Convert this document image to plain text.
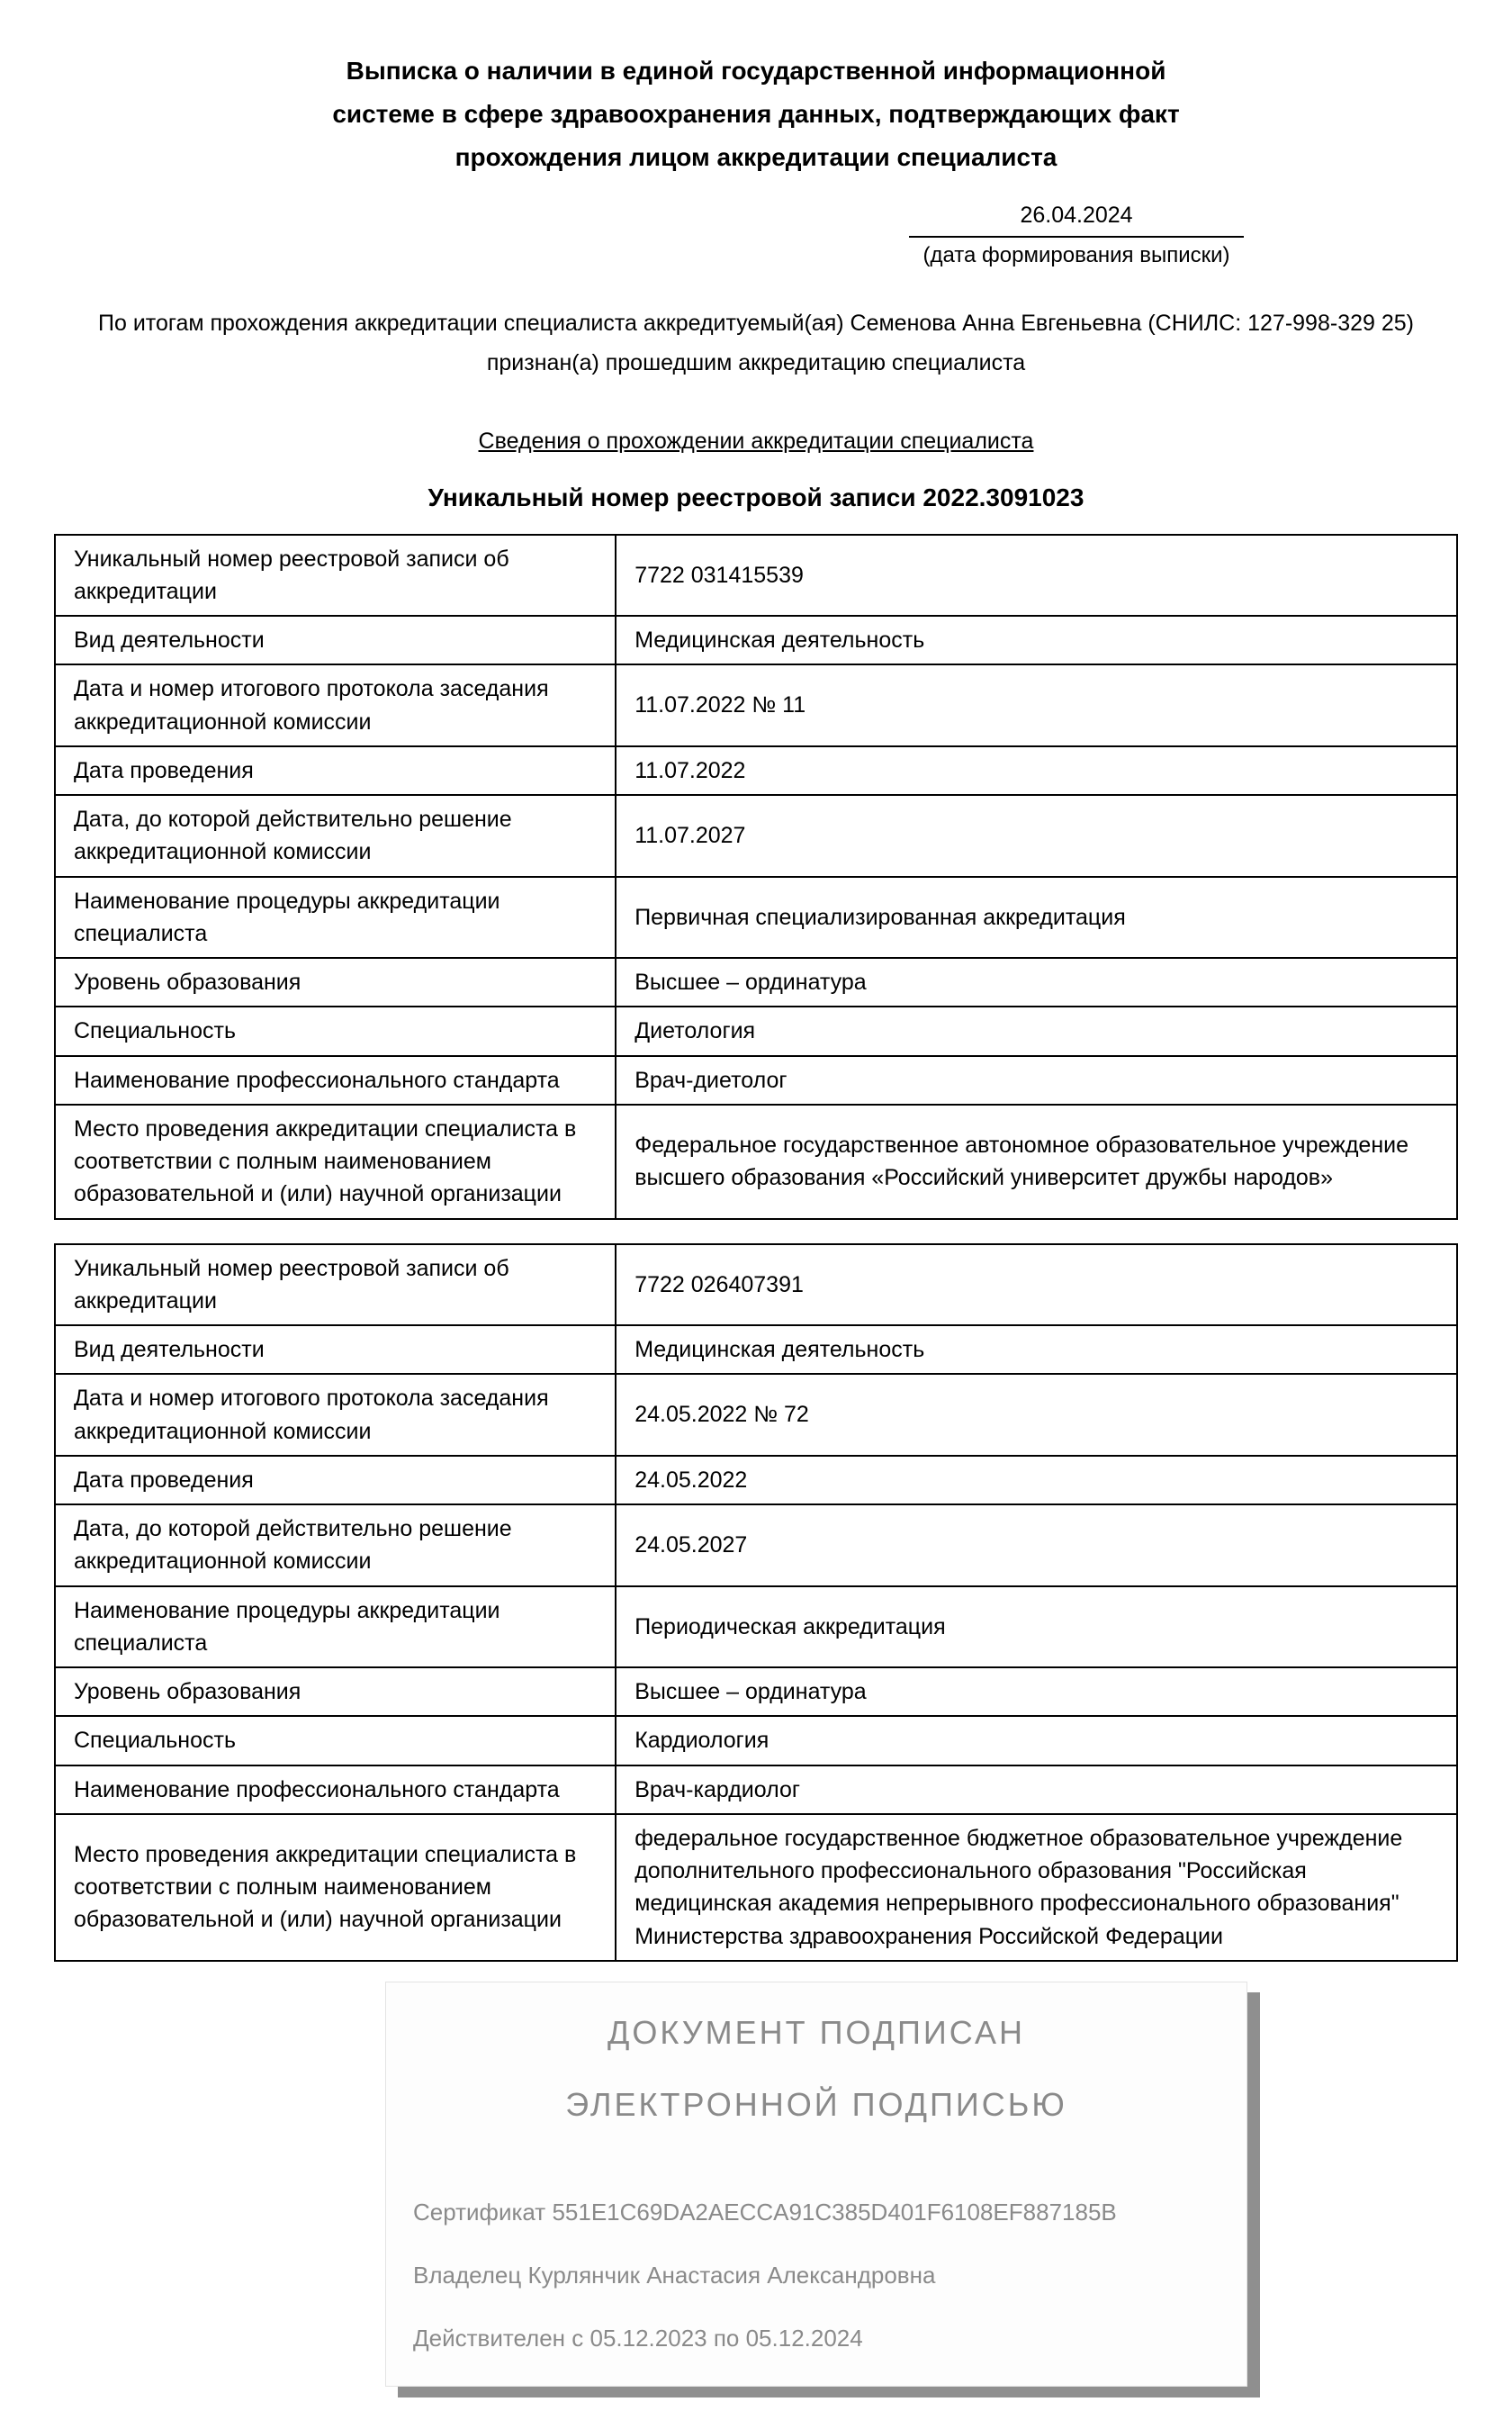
Выписка о наличии в единой государственной информационной
системе в сфере здравоохранения данных, подтверждающих факт
прохождения лицом аккредитации специалиста
26.04.2024
(дата формирования выписки)

По итогам прохождения аккредитации специалиста аккредитуемый(ая) Семенова Анна Евгеньевна (СНИЛС: 127-998-329 25) признан(а) прошедшим аккредитацию специалиста

Сведения о прохождении аккредитации специалиста
Уникальный номер реестровой записи 2022.3091023
Уникальный номер реестровой записи об аккредитации	7722 031415539
Вид деятельности	Медицинская деятельность
Дата и номер итогового протокола заседания аккредитационной комиссии	11.07.2022 № 11
Дата проведения	11.07.2022
Дата, до которой действительно решение аккредитационной комиссии	11.07.2027
Наименование процедуры аккредитации специалиста	Первичная специализированная аккредитация
Уровень образования	Высшее – ординатура
Специальность	Диетология
Наименование профессионального стандарта	Врач-диетолог
Место проведения аккредитации специалиста в соответствии с полным наименованием образовательной и (или) научной организации	Федеральное государственное автономное образовательное учреждение высшего образования «Российский университет дружбы народов»
Уникальный номер реестровой записи об аккредитации	7722 026407391
Вид деятельности	Медицинская деятельность
Дата и номер итогового протокола заседания аккредитационной комиссии	24.05.2022 № 72
Дата проведения	24.05.2022
Дата, до которой действительно решение аккредитационной комиссии	24.05.2027
Наименование процедуры аккредитации специалиста	Периодическая аккредитация
Уровень образования	Высшее – ординатура
Специальность	Кардиология
Наименование профессионального стандарта	Врач-кардиолог
Место проведения аккредитации специалиста в соответствии с полным наименованием образовательной и (или) научной организации	федеральное государственное бюджетное образовательное учреждение дополнительного профессионального образования "Российская медицинская академия непрерывного профессионального образования" Министерства здравоохранения Российской Федерации
ДОКУМЕНТ ПОДПИСАН
ЭЛЕКТРОННОЙ ПОДПИСЬЮ
Сертификат 551E1C69DA2AECCA91C385D401F6108EF887185B
Владелец Курлянчик Анастасия Александровна
Действителен с 05.12.2023 по 05.12.2024
